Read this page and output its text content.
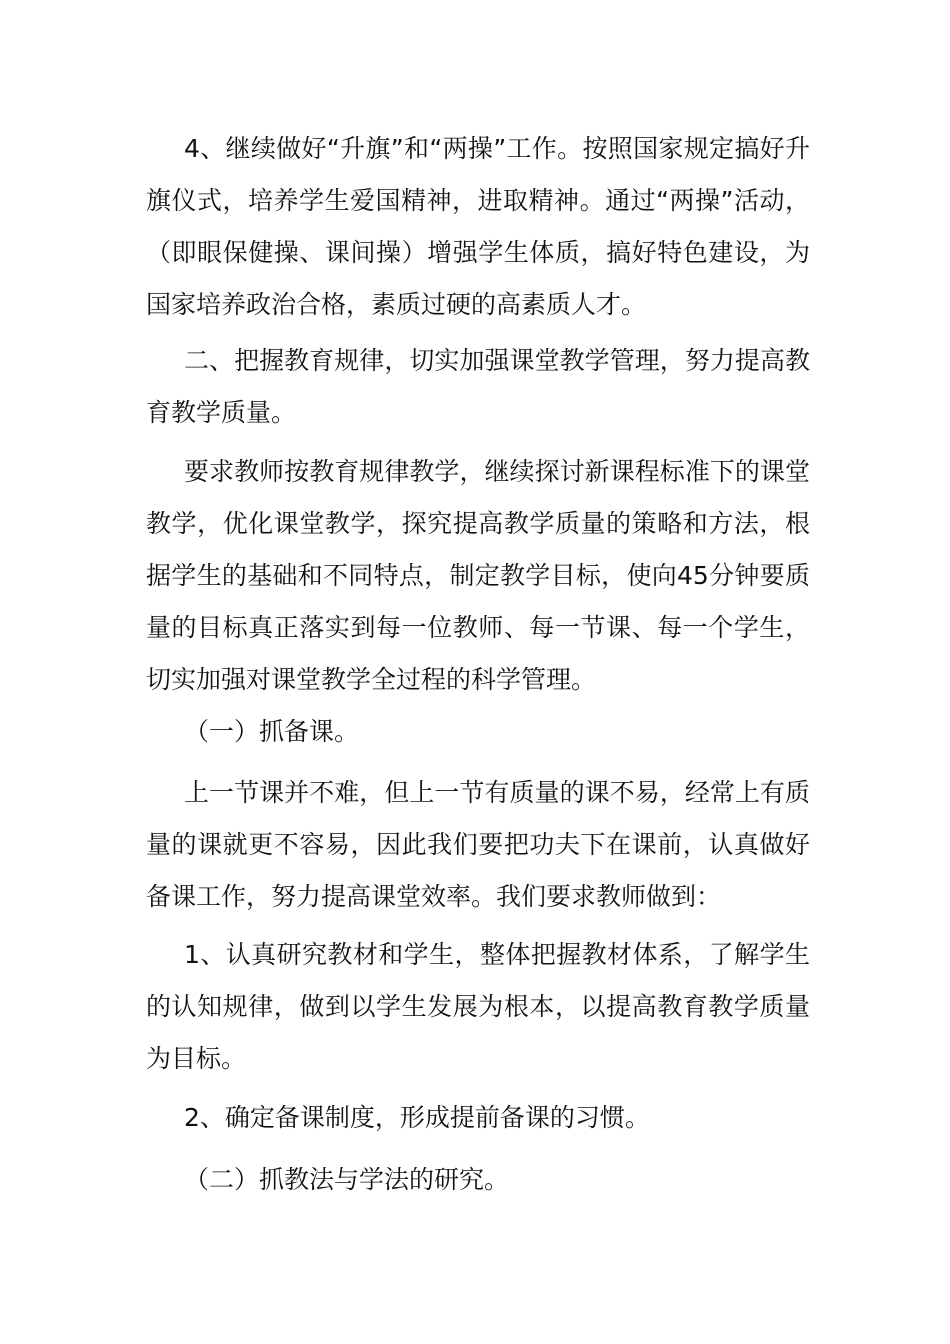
4、继续做好“升旗”和“两操”工作。按照国家规定搞好升旗仪式，培养学生爱国精神，进取精神。通过“两操”活动，（即眼保健操、课间操）增强学生体质，搞好特色建设，为国家培养政治合格，素质过硬的高素质人才。

二、把握教育规律，切实加强课堂教学管理，努力提高教育教学质量。

要求教师按教育规律教学，继续探讨新课程标准下的课堂教学，优化课堂教学，探究提高教学质量的策略和方法，根据学生的基础和不同特点，制定教学目标，使向45分钟要质量的目标真正落实到每一位教师、每一节课、每一个学生，切实加强对课堂教学全过程的科学管理。

（一）抓备课。

上一节课并不难，但上一节有质量的课不易，经常上有质量的课就更不容易，因此我们要把功夫下在课前，认真做好备课工作，努力提高课堂效率。我们要求教师做到：

1、认真研究教材和学生，整体把握教材体系，了解学生的认知规律，做到以学生发展为根本，以提高教育教学质量为目标。

2、确定备课制度，形成提前备课的习惯。

（二）抓教法与学法的研究。
